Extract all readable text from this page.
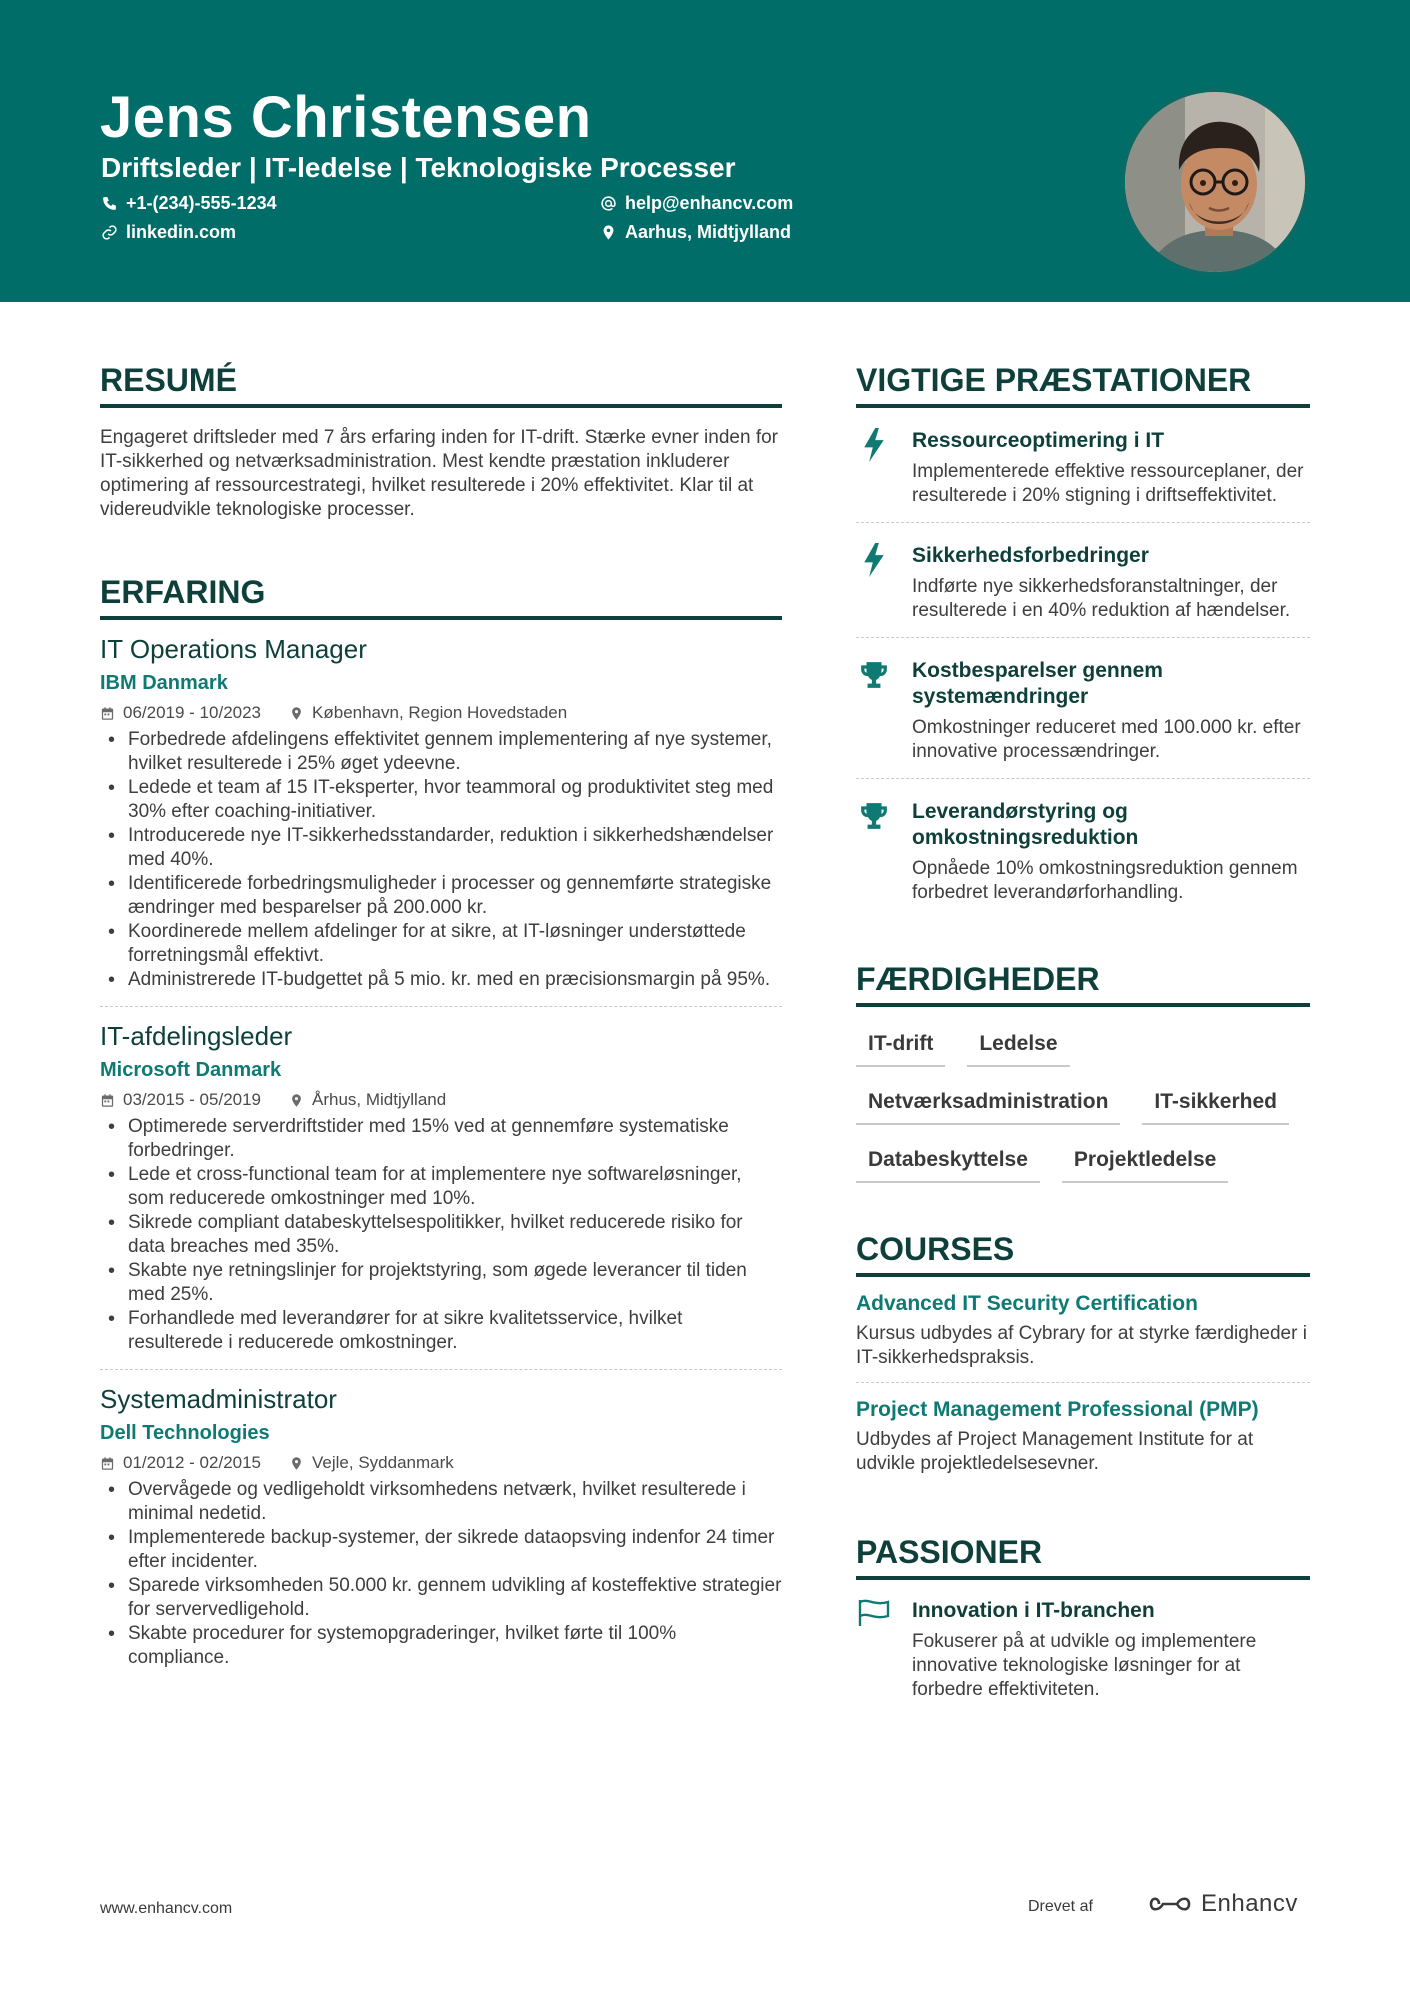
Jens Christensen
Driftsleder | IT-ledelse | Teknologiske Processer
+1-(234)-555-1234	help@enhancv.com
linkedin.com	Aarhus, Midtjylland
RESUMÉ
Engageret driftsleder med 7 års erfaring inden for IT-drift. Stærke evner inden for IT-sikkerhed og netværksadministration. Mest kendte præstation inkluderer optimering af ressourcestrategi, hvilket resulterede i 20% effektivitet. Klar til at videreudvikle teknologiske processer.
ERFARING
IT Operations Manager
IBM Danmark
06/2019 - 10/2023	København, Region Hovedstaden
• Forbedrede afdelingens effektivitet gennem implementering af nye systemer, hvilket resulterede i 25% øget ydeevne.
• Ledede et team af 15 IT-eksperter, hvor teammoral og produktivitet steg med 30% efter coaching-initiativer.
• Introducerede nye IT-sikkerhedsstandarder, reduktion i sikkerhedshændelser med 40%.
• Identificerede forbedringsmuligheder i processer og gennemførte strategiske ændringer med besparelser på 200.000 kr.
• Koordinerede mellem afdelinger for at sikre, at IT-løsninger understøttede forretningsmål effektivt.
• Administrerede IT-budgettet på 5 mio. kr. med en præcisionsmargin på 95%.
IT-afdelingsleder
Microsoft Danmark
03/2015 - 05/2019	Århus, Midtjylland
• Optimerede serverdriftstider med 15% ved at gennemføre systematiske forbedringer.
• Lede et cross-functional team for at implementere nye softwareløsninger, som reducerede omkostninger med 10%.
• Sikrede compliant databeskyttelsespolitikker, hvilket reducerede risiko for data breaches med 35%.
• Skabte nye retningslinjer for projektstyring, som øgede leverancer til tiden med 25%.
• Forhandlede med leverandører for at sikre kvalitetsservice, hvilket resulterede i reducerede omkostninger.
Systemadministrator
Dell Technologies
01/2012 - 02/2015	Vejle, Syddanmark
• Overvågede og vedligeholdt virksomhedens netværk, hvilket resulterede i minimal nedetid.
• Implementerede backup-systemer, der sikrede dataopsving indenfor 24 timer efter incidenter.
• Sparede virksomheden 50.000 kr. gennem udvikling af kosteffektive strategier for servervedligehold.
• Skabte procedurer for systemopgraderinger, hvilket førte til 100% compliance.
VIGTIGE PRÆSTATIONER
Ressourceoptimering i IT
Implementerede effektive ressourceplaner, der resulterede i 20% stigning i driftseffektivitet.
Sikkerhedsforbedringer
Indførte nye sikkerhedsforanstaltninger, der resulterede i en 40% reduktion af hændelser.
Kostbesparelser gennem systemændringer
Omkostninger reduceret med 100.000 kr. efter innovative processændringer.
Leverandørstyring og omkostningsreduktion
Opnåede 10% omkostningsreduktion gennem forbedret leverandørforhandling.
FÆRDIGHEDER
IT-drift	Ledelse
Netværksadministration	IT-sikkerhed
Databeskyttelse	Projektledelse
COURSES
Advanced IT Security Certification
Kursus udbydes af Cybrary for at styrke færdigheder i IT-sikkerhedspraksis.
Project Management Professional (PMP)
Udbydes af Project Management Institute for at udvikle projektledelsesevner.
PASSIONER
Innovation i IT-branchen
Fokuserer på at udvikle og implementere innovative teknologiske løsninger for at forbedre effektiviteten.
www.enhancv.com	Drevet af	Enhancv
